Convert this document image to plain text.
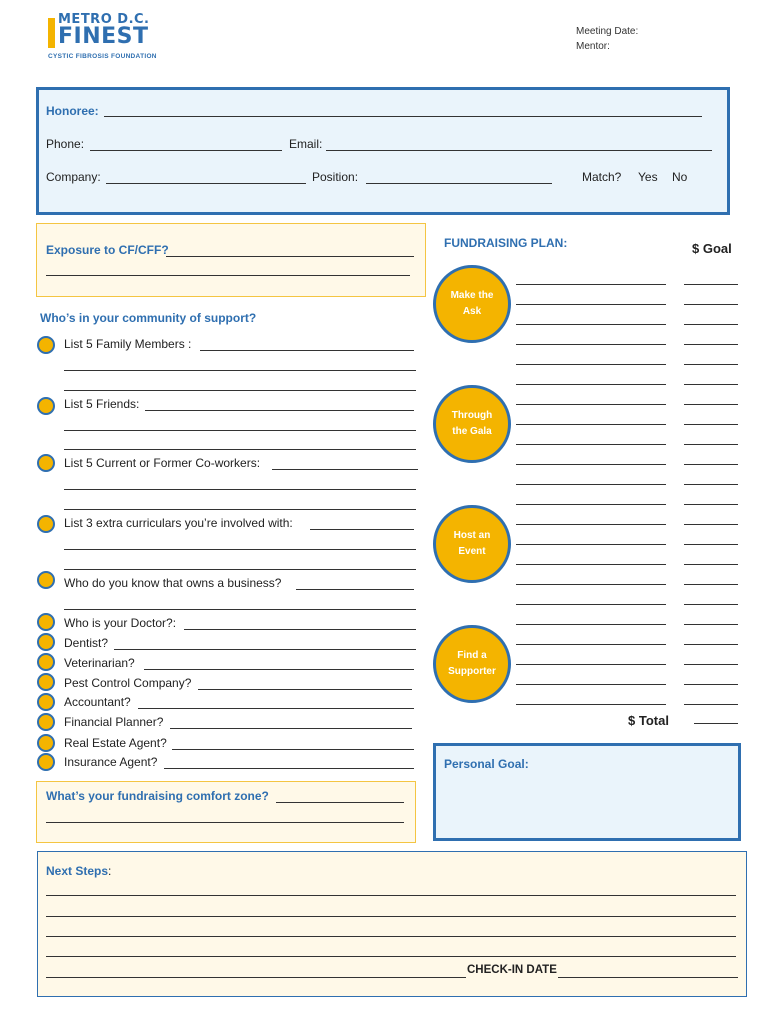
METRO D.C.
FINEST
CYSTIC FIBROSIS FOUNDATION
Meeting Date:
Mentor:
Honoree:
Phone:	Email:
Company:	Position:	Match? Yes No
Exposure to CF/CFF?
Who’s in your community of support?
List 5 Family Members :
List 5 Friends:
List 5 Current or Former Co-workers:
List 3 extra curriculars you’re involved with:
Who do you know that owns a business?
Who is your Doctor?:
Dentist?
Veterinarian?
Pest Control Company?
Accountant?
Financial Planner?
Real Estate Agent?
Insurance Agent?
What’s your fundraising comfort zone?
FUNDRAISING PLAN:	$ Goal
Make the Ask
Through the Gala
Host an Event
Find a Supporter
$ Total
Personal Goal:
Next Steps:
CHECK-IN DATE
